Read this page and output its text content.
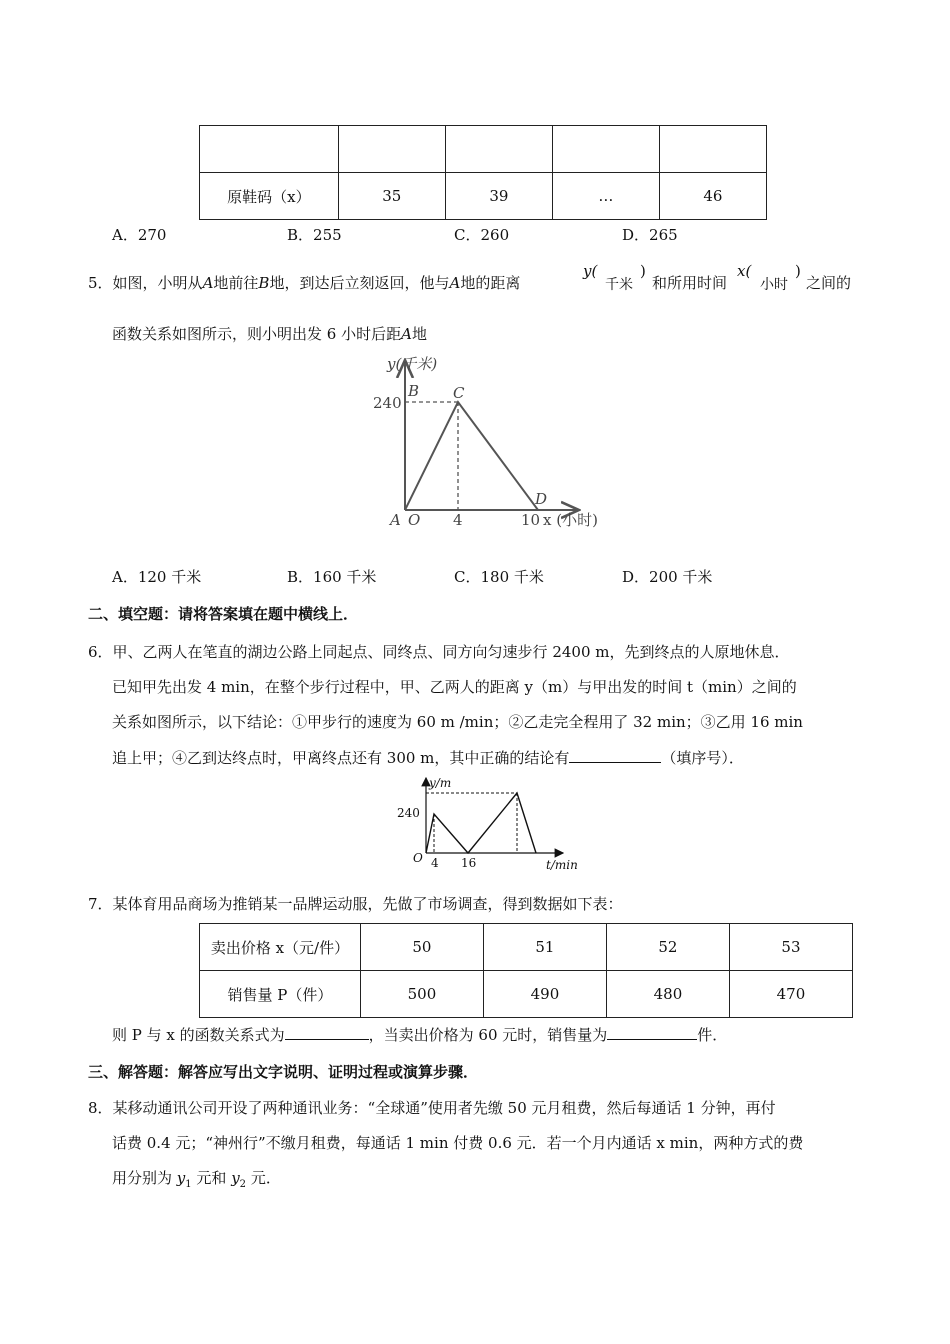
原鞋码（x）	35	39	…	46
A．270	B．255	C．260	D．265
5．如图，小明从A地前往B地，到达后立刻返回，他与A地的距离
y(
千米
)
和所用时间
x(
小时
)
之间的
函数关系如图所示，则小明出发 6 小时后距A地
y(千米)
240
B C
D
A O 4	10 x (小时)
A．120 千米	B．160 千米	C．180 千米	D．200 千米
二、填空题：请将答案填在题中横线上．
6．甲、乙两人在笔直的湖边公路上同起点、同终点、同方向匀速步行 2400 m，先到终点的人原地休息．
已知甲先出发 4 min，在整个步行过程中，甲、乙两人的距离 y（m）与甲出发的时间 t（min）之间的
关系如图所示，以下结论：①甲步行的速度为 60 m /min；②乙走完全程用了 32 min；③乙用 16 min
追上甲；④乙到达终点时，甲离终点还有 300 m，其中正确的结论有	（填序号）．
y/m
240
O 4 16	t/min
7．某体育用品商场为推销某一品牌运动服，先做了市场调查，得到数据如下表：
卖出价格 x（元/件）	50	51	52	53
销售量 P（件）	500	490	480	470
则 P 与 x 的函数关系式为	，当卖出价格为 60 元时，销售量为	件．
三、解答题：解答应写出文字说明、证明过程或演算步骤．
8．某移动通讯公司开设了两种通讯业务：“全球通”使用者先缴 50 元月租费，然后每通话 1 分钟，再付
话费 0.4 元；“神州行”不缴月租费，每通话 1 min 付费 0.6 元．若一个月内通话 x min，两种方式的费
用分别为 $y_1$ 元和 $y_2$ 元．
